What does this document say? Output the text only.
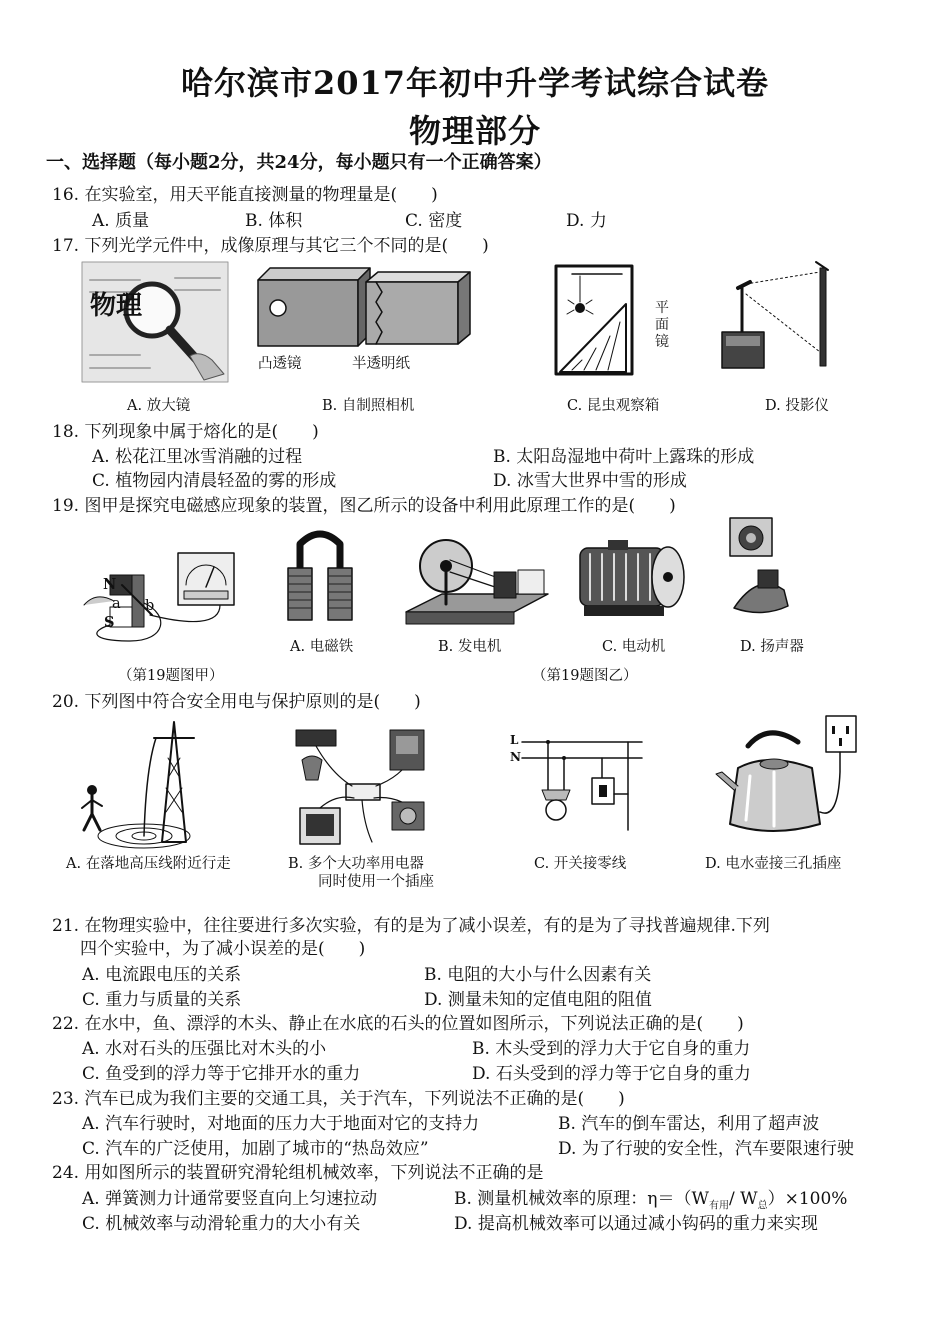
哈尔滨市2017年初中升学考试综合试卷
物理部分
一、选择题（每小题2分，共24分，每小题只有一个正确答案）
16. 在实验室，用天平能直接测量的物理量是(　　)
A. 质量	B. 体积	C. 密度	D. 力
17. 下列光学元件中，成像原理与其它三个不同的是(　　)
物理
凸透镜	半透明纸
平面镜
A. 放大镜	B. 自制照相机	C. 昆虫观察箱	D. 投影仪
18. 下列现象中属于熔化的是(　　)
A. 松花江里冰雪消融的过程	B. 太阳岛湿地中荷叶上露珠的形成
C. 植物园内清晨轻盈的雾的形成	D. 冰雪大世界中雪的形成
19. 图甲是探究电磁感应现象的装置，图乙所示的设备中利用此原理工作的是(　　)
N
S
a b
A. 电磁铁	B. 发电机	C. 电动机	D. 扬声器
（第19题图甲）	（第19题图乙）
20. 下列图中符合安全用电与保护原则的是(　　)
L
N
A. 在落地高压线附近行走	B. 多个大功率用电器
同时使用一个插座
C. 开关接零线	D. 电水壶接三孔插座
21. 在物理实验中，往往要进行多次实验，有的是为了减小误差，有的是为了寻找普遍规律.下列
四个实验中，为了减小误差的是(　　)
A. 电流跟电压的关系	B. 电阻的大小与什么因素有关
C. 重力与质量的关系	D. 测量未知的定值电阻的阻值
22. 在水中，鱼、漂浮的木头、静止在水底的石头的位置如图所示，下列说法正确的是(　　)
A. 水对石头的压强比对木头的小	B. 木头受到的浮力大于它自身的重力
C. 鱼受到的浮力等于它排开水的重力	D. 石头受到的浮力等于它自身的重力
23. 汽车已成为我们主要的交通工具，关于汽车，下列说法不正确的是(　　)
A. 汽车行驶时，对地面的压力大于地面对它的支持力	B. 汽车的倒车雷达，利用了超声波
C. 汽车的广泛使用，加剧了城市的“热岛效应”	D. 为了行驶的安全性，汽车要限速行驶
24. 用如图所示的装置研究滑轮组机械效率，下列说法不正确的是
A. 弹簧测力计通常要竖直向上匀速拉动	B. 测量机械效率的原理：$\eta=(W_{有用}/$ $W_总)\times 100\%$
C. 机械效率与动滑轮重力的大小有关	D. 提高机械效率可以通过减小钩码的重力来实现
